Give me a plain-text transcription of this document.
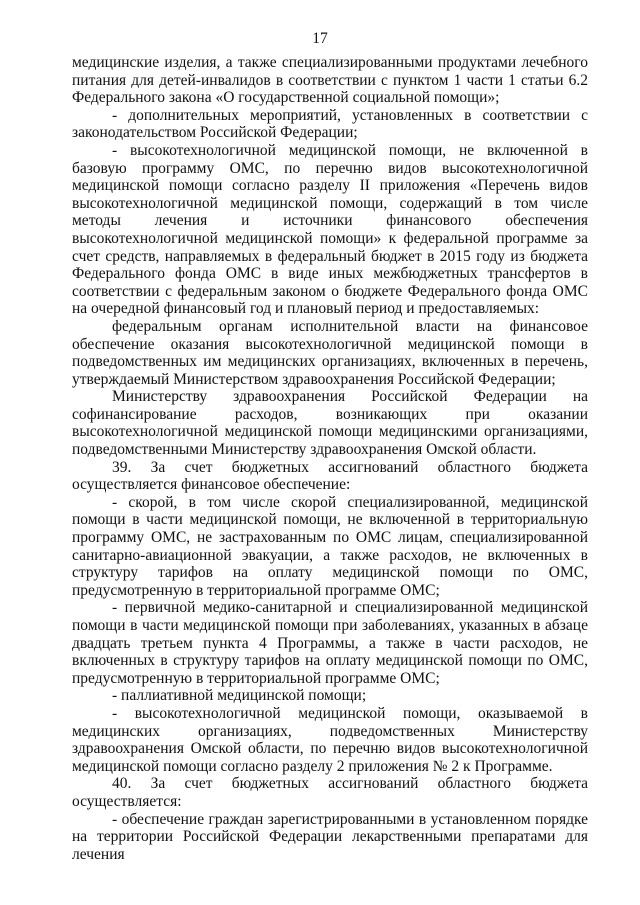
17

медицинские изделия, а также специализированными продуктами лечебного питания для детей-инвалидов в соответствии с пунктом 1 части 1 статьи 6.2 Федерального закона «О государственной социальной помощи»;

- дополнительных мероприятий, установленных в соответствии с законодательством Российской Федерации;

- высокотехнологичной медицинской помощи, не включенной в базовую программу ОМС, по перечню видов высокотехнологичной медицинской помощи согласно разделу II приложения «Перечень видов высокотехнологичной медицинской помощи, содержащий в том числе методы лечения и источники финансового обеспечения высокотехнологичной медицинской помощи» к федеральной программе за счет средств, направляемых в федеральный бюджет в 2015 году из бюджета Федерального фонда ОМС в виде иных межбюджетных трансфертов в соответствии с федеральным законом о бюджете Федерального фонда ОМС на очередной финансовый год и плановый период и предоставляемых:

федеральным органам исполнительной власти на финансовое обеспечение оказания высокотехнологичной медицинской помощи в подведомственных им медицинских организациях, включенных в перечень, утверждаемый Министерством здравоохранения Российской Федерации;

Министерству здравоохранения Российской Федерации на софинансирование расходов, возникающих при оказании высокотехнологичной медицинской помощи медицинскими организациями, подведомственными Министерству здравоохранения Омской области.

39. За счет бюджетных ассигнований областного бюджета осуществляется финансовое обеспечение:

- скорой, в том числе скорой специализированной, медицинской помощи в части медицинской помощи, не включенной в территориальную программу ОМС, не застрахованным по ОМС лицам, специализированной санитарно-авиационной эвакуации, а также расходов, не включенных в структуру тарифов на оплату медицинской помощи по ОМС, предусмотренную в территориальной программе ОМС;

- первичной медико-санитарной и специализированной медицинской помощи в части медицинской помощи при заболеваниях, указанных в абзаце двадцать третьем пункта 4 Программы, а также в части расходов, не включенных в структуру тарифов на оплату медицинской помощи по ОМС, предусмотренную в территориальной программе ОМС;

- паллиативной медицинской помощи;

- высокотехнологичной медицинской помощи, оказываемой в медицинских организациях, подведомственных Министерству здравоохранения Омской области, по перечню видов высокотехнологичной медицинской помощи согласно разделу 2 приложения № 2 к Программе.

40. За счет бюджетных ассигнований областного бюджета осуществляется:

- обеспечение граждан зарегистрированными в установленном порядке на территории Российской Федерации лекарственными препаратами для лечения
